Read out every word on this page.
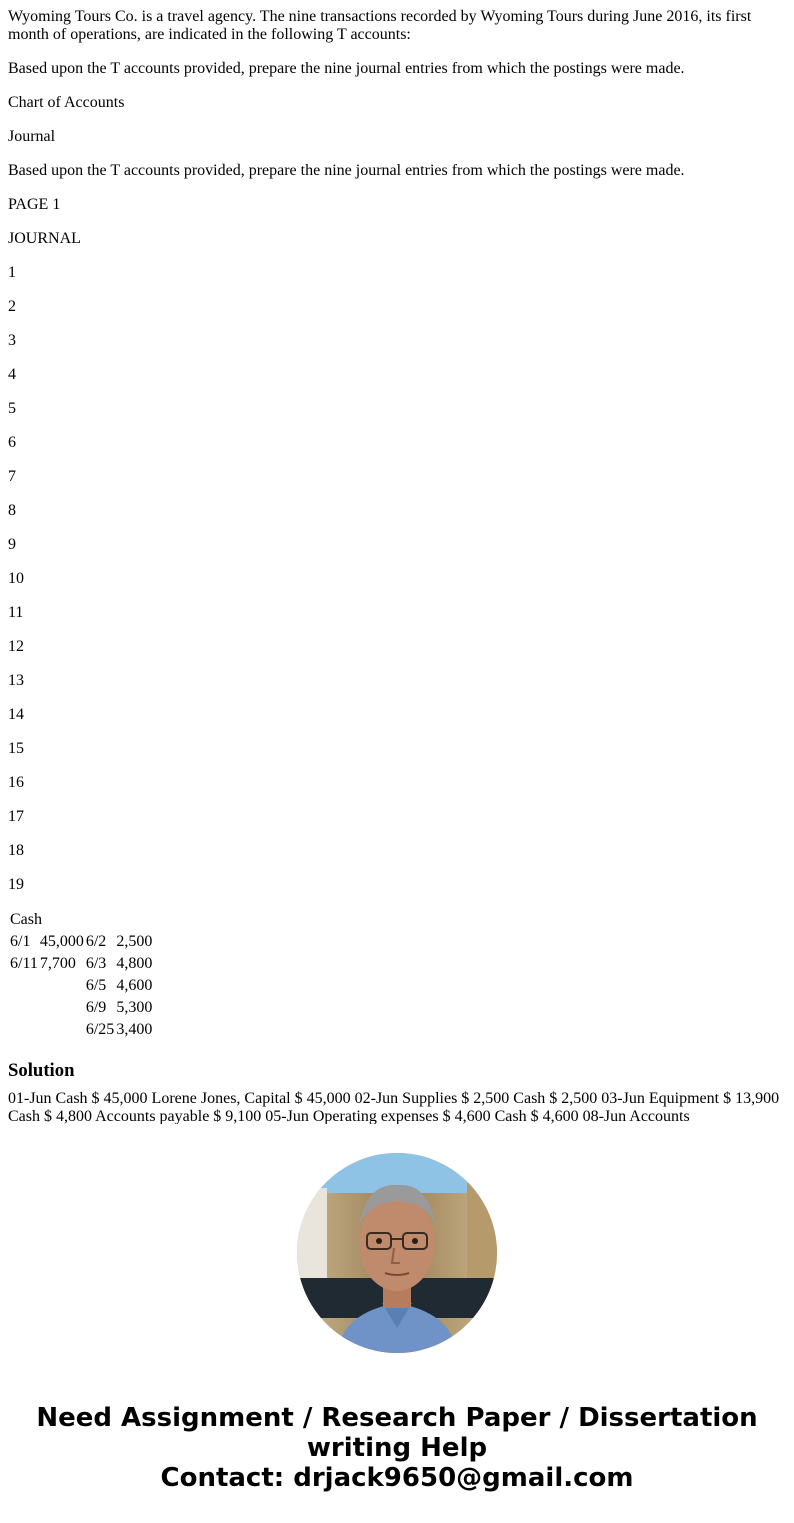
Wyoming Tours Co. is a travel agency. The nine transactions recorded by Wyoming Tours during June 2016, its first month of operations, are indicated in the following T accounts:

Based upon the T accounts provided, prepare the nine journal entries from which the postings were made.

Chart of Accounts

Journal

Based upon the T accounts provided, prepare the nine journal entries from which the postings were made.

PAGE 1

JOURNAL

1

2

3

4

5

6

7

8

9

10

11

12

13

14

15

16

17

18

19

Cash			
6/1	45,000	6/2	2,500
6/11	7,700	6/3	4,800
		6/5	4,600
		6/9	5,300
		6/25	3,400
Solution

01-Jun Cash $ 45,000 Lorene Jones, Capital $ 45,000 02-Jun Supplies $ 2,500 Cash $ 2,500 03-Jun Equipment $ 13,900 Cash $ 4,800 Accounts payable $ 9,100 05-Jun Operating expenses $ 4,600 Cash $ 4,600 08-Jun Accounts

Need Assignment / Research Paper / Dissertation
writing Help
Contact: drjack9650@gmail.com
